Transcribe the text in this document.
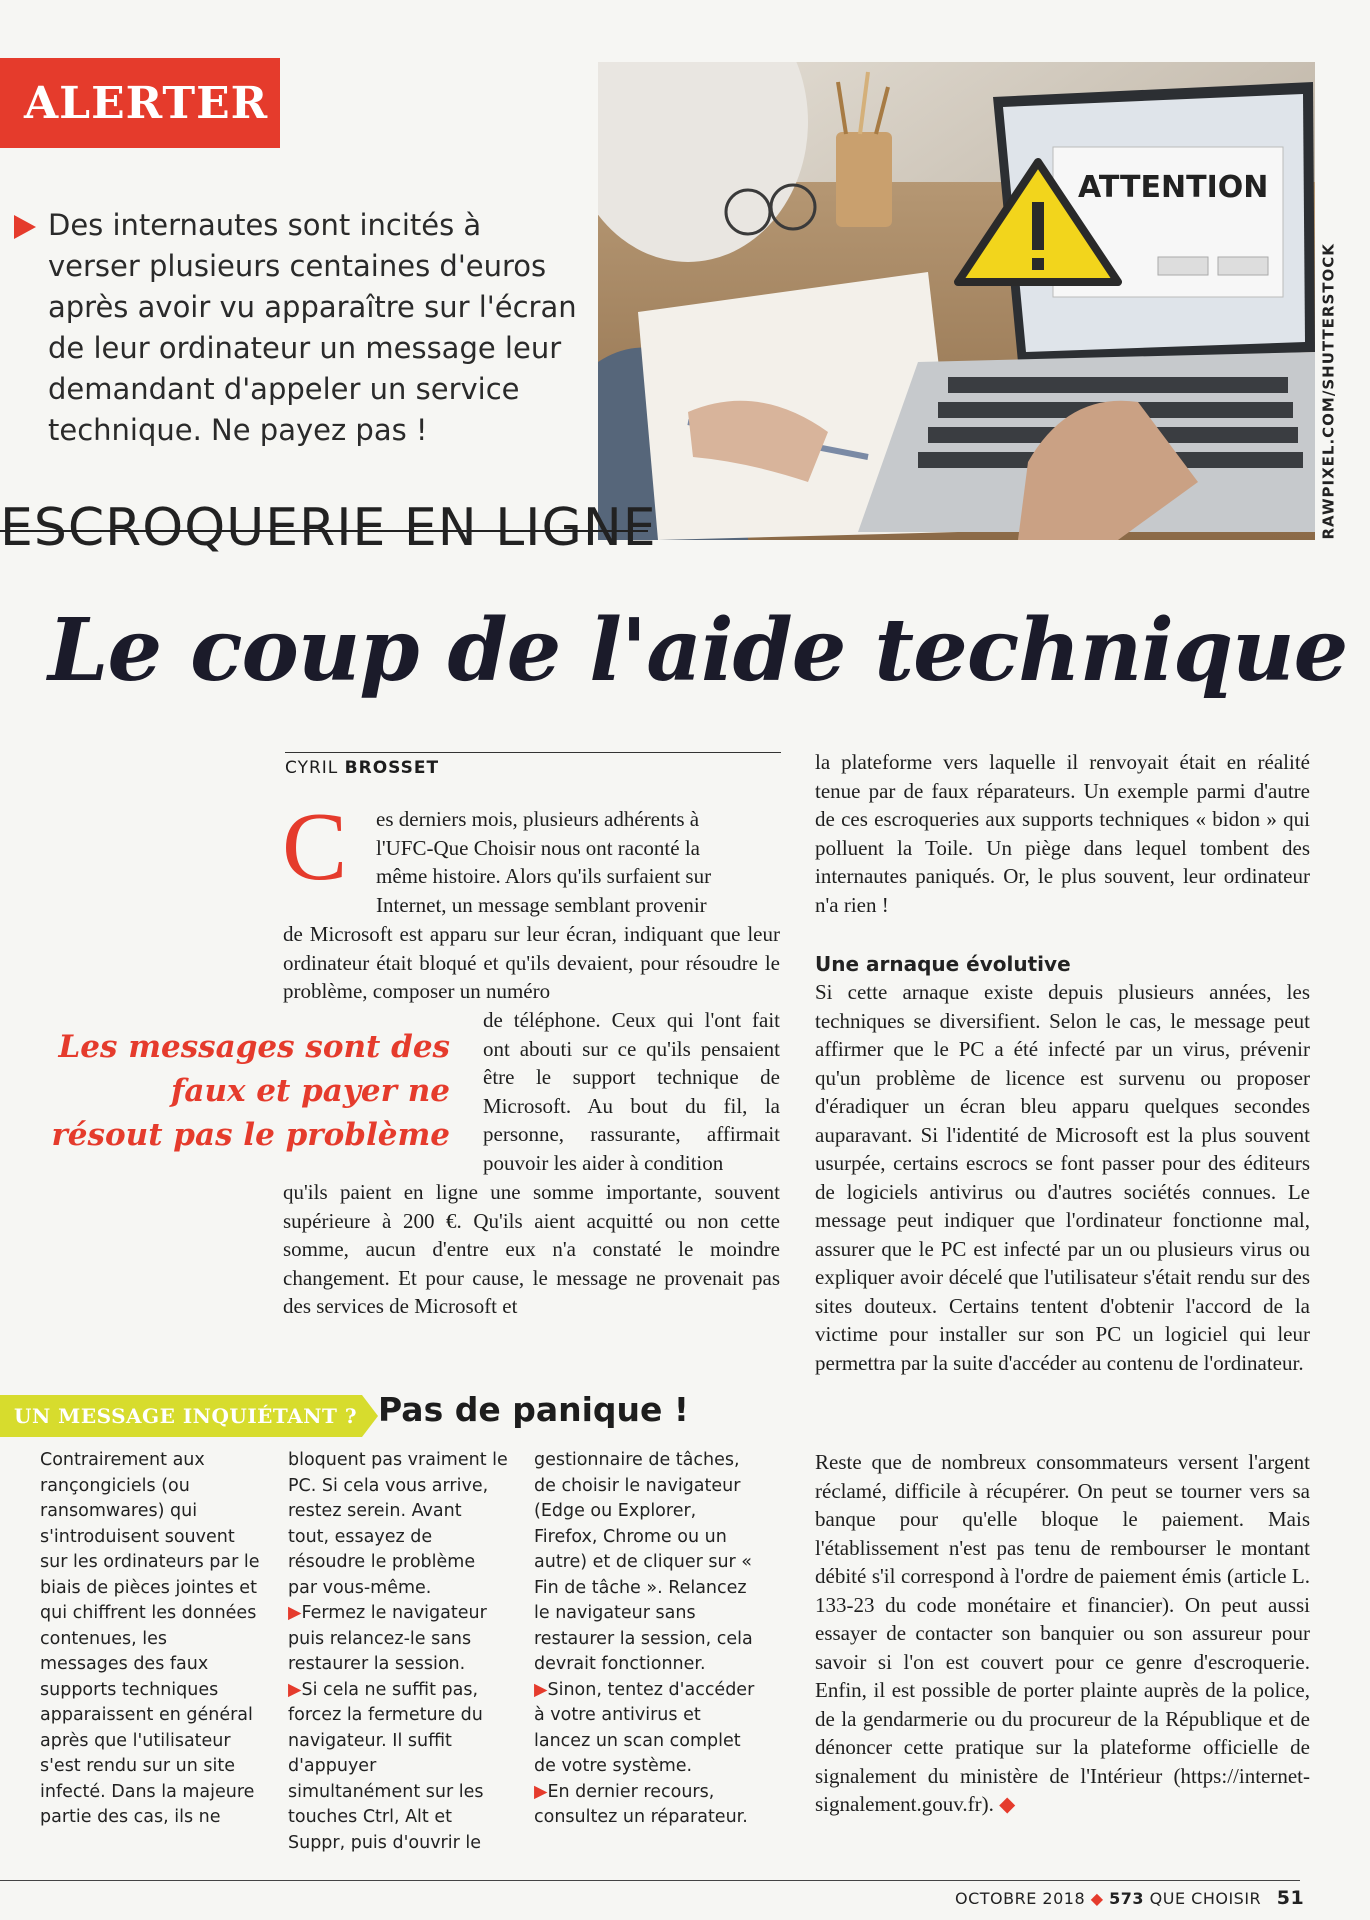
ALERTER
Des internautes sont incités à verser plusieurs centaines d'euros après avoir vu apparaître sur l'écran de leur ordinateur un message leur demandant d'appeler un service technique. Ne payez pas !
ATTENTION
RAWPIXEL.COM/SHUTTERSTOCK
ESCROQUERIE EN LIGNE
Le coup de l'aide technique
CYRIL BROSSET
C es derniers mois, plusieurs adhérents à
l'UFC-Que Choisir nous ont raconté la
même histoire. Alors qu'ils surfaient sur
Internet, un message semblant provenir
de Microsoft est apparu sur leur écran, indiquant que leur ordinateur était bloqué et qu'ils devaient, pour résoudre le problème, composer un numéro
de téléphone. Ceux qui l'ont fait ont abouti sur ce qu'ils pensaient être le support technique de Microsoft. Au bout du fil, la personne, rassurante, affirmait pouvoir les aider à condition
qu'ils paient en ligne une somme importante, souvent supérieure à 200 €. Qu'ils aient acquitté ou non cette somme, aucun d'entre eux n'a constaté le moindre changement. Et pour cause, le message ne provenait pas des services de Microsoft et
Les messages sont des faux et payer ne résout pas le problème
la plateforme vers laquelle il renvoyait était en réalité tenue par de faux réparateurs. Un exemple parmi d'autre de ces escroqueries aux supports techniques « bidon » qui polluent la Toile. Un piège dans lequel tombent des internautes paniqués. Or, le plus souvent, leur ordinateur n'a rien !
Une arnaque évolutive
Si cette arnaque existe depuis plusieurs années, les techniques se diversifient. Selon le cas, le message peut affirmer que le PC a été infecté par un virus, prévenir qu'un problème de licence est survenu ou proposer d'éradiquer un écran bleu apparu quelques secondes auparavant. Si l'identité de Microsoft est la plus souvent usurpée, certains escrocs se font passer pour des éditeurs de logiciels antivirus ou d'autres sociétés connues. Le message peut indiquer que l'ordinateur fonctionne mal, assurer que le PC est infecté par un ou plusieurs virus ou expliquer avoir décelé que l'utilisateur s'était rendu sur des sites douteux. Certains tentent d'obtenir l'accord de la victime pour installer sur son PC un logiciel qui leur permettra par la suite d'accéder au contenu de l'ordinateur.
Reste que de nombreux consommateurs versent l'argent réclamé, difficile à récupérer. On peut se tourner vers sa banque pour qu'elle bloque le paiement. Mais l'établissement n'est pas tenu de rembourser le montant débité s'il correspond à l'ordre de paiement émis (article L. 133-23 du code monétaire et financier). On peut aussi essayer de contacter son banquier ou son assureur pour savoir si l'on est couvert pour ce genre d'escroquerie. Enfin, il est possible de porter plainte auprès de la police, de la gendarmerie ou du procureur de la République et de dénoncer cette pratique sur la plateforme officielle de signalement du ministère de l'Intérieur (https://internet-signalement.gouv.fr). ◆
UN MESSAGE INQUIÉTANT ? Pas de panique !
Contrairement aux rançongiciels (ou ransomwares) qui s'introduisent souvent sur les ordinateurs par le biais de pièces jointes et qui chiffrent les données contenues, les messages des faux supports techniques apparaissent en général après que l'utilisateur s'est rendu sur un site infecté. Dans la majeure partie des cas, ils ne
bloquent pas vraiment le PC. Si cela vous arrive, restez serein. Avant tout, essayez de résoudre le problème par vous-même.
▶Fermez le navigateur puis relancez-le sans restaurer la session.
▶Si cela ne suffit pas, forcez la fermeture du navigateur. Il suffit d'appuyer simultanément sur les touches Ctrl, Alt et Suppr, puis d'ouvrir le
gestionnaire de tâches, de choisir le navigateur (Edge ou Explorer, Firefox, Chrome ou un autre) et de cliquer sur « Fin de tâche ». Relancez le navigateur sans restaurer la session, cela devrait fonctionner.
▶Sinon, tentez d'accéder à votre antivirus et lancez un scan complet de votre système.
▶En dernier recours, consultez un réparateur.
OCTOBRE 2018 ◆ 573 QUE CHOISIR 51
